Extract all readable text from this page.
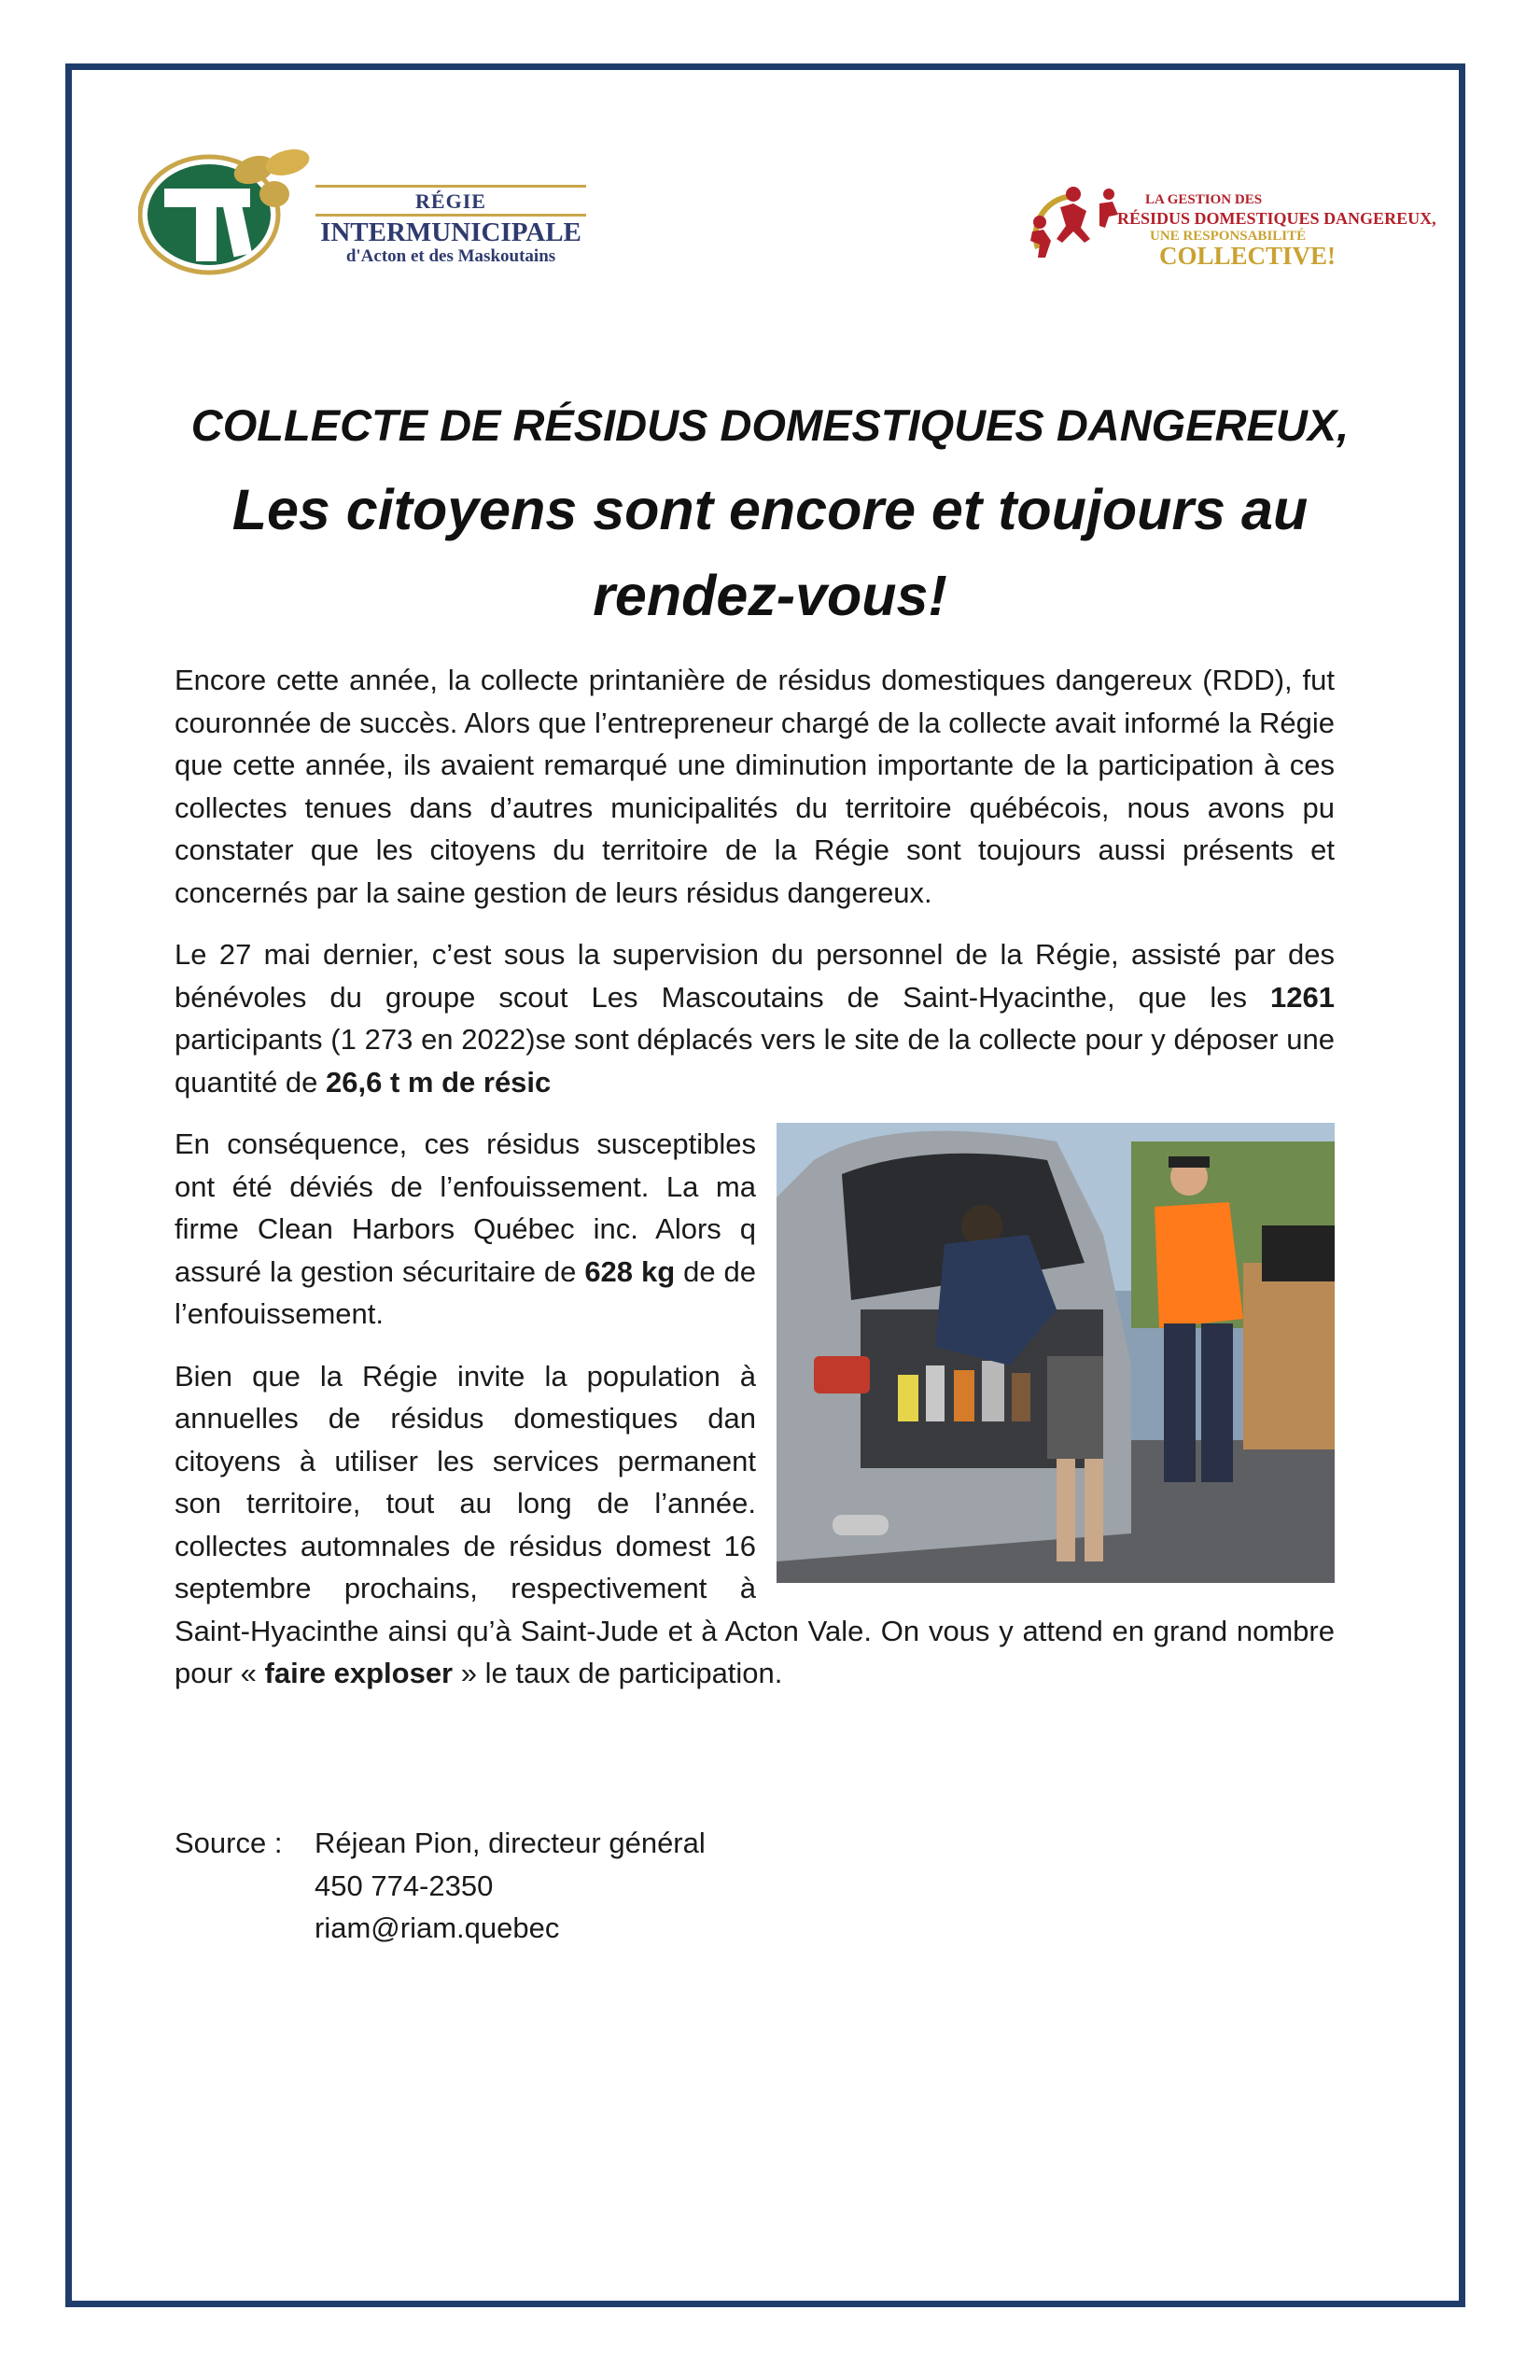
RÉGIE
INTERMUNICIPALE
d'Acton et des Maskoutains
LA GESTION DES
RÉSIDUS DOMESTIQUES DANGEREUX,
UNE RESPONSABILITÉ
COLLECTIVE!
COLLECTE DE RÉSIDUS DOMESTIQUES DANGEREUX,
Les citoyens sont encore et toujours au rendez-vous!

Encore cette année, la collecte printanière de résidus domestiques dangereux (RDD), fut couronnée de succès. Alors que l’entrepreneur chargé de la collecte avait informé la Régie que cette année, ils avaient remarqué une diminution importante de la participation à ces collectes tenues dans d’autres municipalités du territoire québécois, nous avons pu constater que les citoyens du territoire de la Régie sont toujours aussi présents et concernés par la saine gestion de leurs résidus dangereux.

Le 27 mai dernier, c’est sous la supervision du personnel de la Régie, assisté par des bénévoles du groupe scout Les Mascoutains de Saint-Hyacinthe, que les 1261 participants (1 273 en 2022)se sont déplacés vers le site de la collecte pour y déposer une quantité de 26,6 t m de résic

En conséquence, ces résidus susceptibles ont été déviés de l’enfouissement. La ma firme Clean Harbors Québec inc. Alors q assuré la gestion sécuritaire de 628 kg de de l’enfouissement.

Bien que la Régie invite la population à annuelles de résidus domestiques dan citoyens à utiliser les services permanent son territoire, tout au long de l’année. collectes automnales de résidus domest 16 septembre prochains, respectivement à Saint-Hyacinthe ainsi qu’à Saint-Jude et à Acton Vale. On vous y attend en grand nombre pour « faire exploser » le taux de participation.

Source :	Réjean Pion, directeur général
450 774-2350
riam@riam.quebec
